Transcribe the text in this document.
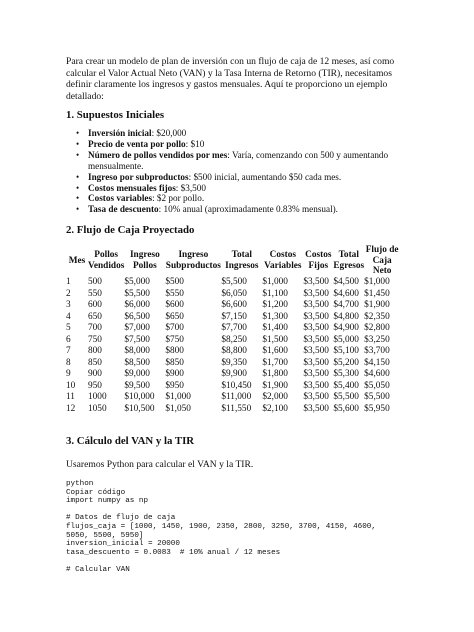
Para crear un modelo de plan de inversión con un flujo de caja de 12 meses, así como calcular el Valor Actual Neto (VAN) y la Tasa Interna de Retorno (TIR), necesitamos definir claramente los ingresos y gastos mensuales. Aquí te proporciono un ejemplo detallado:

1. Supuestos Iniciales

• Inversión inicial: $20,000
• Precio de venta por pollo: $10
• Número de pollos vendidos por mes: Varía, comenzando con 500 y aumentando mensualmente.
• Ingreso por subproductos: $500 inicial, aumentando $50 cada mes.
• Costos mensuales fijos: $3,500
• Costos variables: $2 por pollo.
• Tasa de descuento: 10% anual (aproximadamente 0.83% mensual).

2. Flujo de Caja Proyectado

Mes	Pollos Vendidos	Ingreso Pollos	Ingreso Subproductos	Total Ingresos	Costos Variables	Costos Fijos	Total Egresos	Flujo de Caja Neto
1	500	$5,000	$500	$5,500	$1,000	$3,500	$4,500	$1,000
2	550	$5,500	$550	$6,050	$1,100	$3,500	$4,600	$1,450
3	600	$6,000	$600	$6,600	$1,200	$3,500	$4,700	$1,900
4	650	$6,500	$650	$7,150	$1,300	$3,500	$4,800	$2,350
5	700	$7,000	$700	$7,700	$1,400	$3,500	$4,900	$2,800
6	750	$7,500	$750	$8,250	$1,500	$3,500	$5,000	$3,250
7	800	$8,000	$800	$8,800	$1,600	$3,500	$5,100	$3,700
8	850	$8,500	$850	$9,350	$1,700	$3,500	$5,200	$4,150
9	900	$9,000	$900	$9,900	$1,800	$3,500	$5,300	$4,600
10	950	$9,500	$950	$10,450	$1,900	$3,500	$5,400	$5,050
11	1000	$10,000	$1,000	$11,000	$2,000	$3,500	$5,500	$5,500
12	1050	$10,500	$1,050	$11,550	$2,100	$3,500	$5,600	$5,950

3. Cálculo del VAN y la TIR

Usaremos Python para calcular el VAN y la TIR.

python
Copiar código
import numpy as np

# Datos de flujo de caja
flujos_caja = [1000, 1450, 1900, 2350, 2800, 3250, 3700, 4150, 4600,
5050, 5500, 5950]
inversion_inicial = 20000
tasa_descuento = 0.0083  # 10% anual / 12 meses

# Calcular VAN
